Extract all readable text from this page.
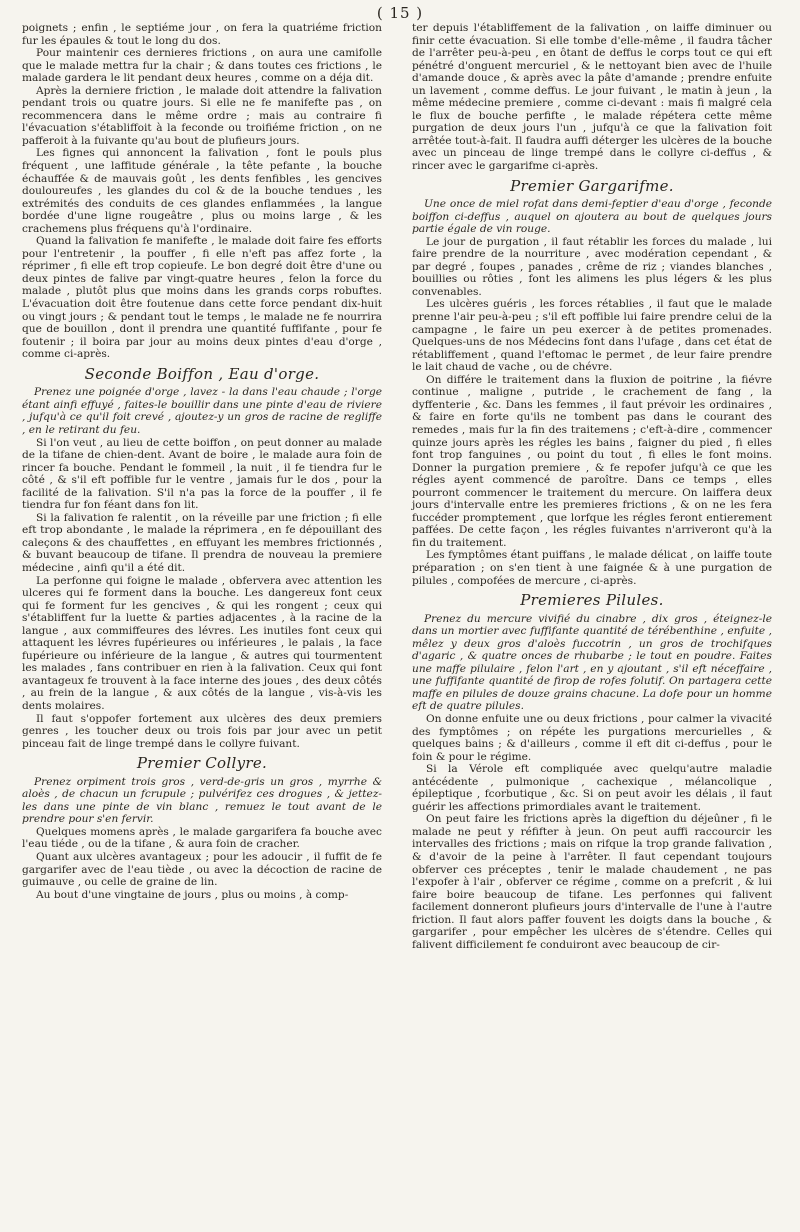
( 15 )

poignets ; enfin , le septiéme jour , on fera la quatriéme friction fur les épaules & tout le long du dos.

Pour maintenir ces dernieres frictions , on aura une camifolle que le malade mettra fur la chair ; & dans toutes ces frictions , le malade gardera le lit pendant deux heures , comme on a déja dit.

Après la derniere friction , le malade doit attendre la falivation pendant trois ou quatre jours. Si elle ne fe manifefte pas , on recommencera dans le même ordre ; mais au contraire fi l'évacuation s'établiffoit à la feconde ou troifiéme friction , on ne pafferoit à la fuivante qu'au bout de plufieurs jours.

Les fignes qui annoncent la falivation , font le pouls plus fréquent , une laffitude générale , la tête pefante , la bouche échauffée & de mauvais goût , les dents fenfibles , les gencives douloureufes , les glandes du col & de la bouche tendues , les extrémités des conduits de ces glandes enflammées , la langue bordée d'une ligne rougeâtre , plus ou moins large , & les crachemens plus fréquens qu'à l'ordinaire.

Quand la falivation fe manifefte , le malade doit faire fes efforts pour l'entretenir , la pouffer , fi elle n'eft pas affez forte , la réprimer , fi elle eft trop copieufe. Le bon degré doit être d'une ou deux pintes de falive par vingt-quatre heures , felon la force du malade , plutôt plus que moins dans les grands corps robuftes. L'évacuation doit être foutenue dans cette force pendant dix-huit ou vingt jours ; & pendant tout le temps , le malade ne fe nourrira que de bouillon , dont il prendra une quantité fuffifante , pour fe foutenir ; il boira par jour au moins deux pintes d'eau d'orge , comme ci-après.

Seconde Boiffon , Eau d'orge.

Prenez une poignée d'orge , lavez - la dans l'eau chaude ; l'orge étant ainfi effuyé , faites-le bouillir dans une pinte d'eau de riviere , jufqu'à ce qu'il foit crevé , ajoutez-y un gros de racine de regliffe , en le retirant du feu.

Si l'on veut , au lieu de cette boiffon , on peut donner au malade de la tifane de chien-dent. Avant de boire , le malade aura foin de rincer fa bouche. Pendant le fommeil , la nuit , il fe tiendra fur le côté , & s'il eft poffible fur le ventre , jamais fur le dos , pour la facilité de la falivation. S'il n'a pas la force de la pouffer , il fe tiendra fur fon féant dans fon lit.

Si la falivation fe ralentit , on la réveille par une friction ; fi elle eft trop abondante , le malade la réprimera , en fe dépouillant des caleçons & des chauffettes , en effuyant les membres frictionnés , & buvant beaucoup de tifane. Il prendra de nouveau la premiere médecine , ainfi qu'il a été dit.

La perfonne qui foigne le malade , obfervera avec attention les ulceres qui fe forment dans la bouche. Les dangereux font ceux qui fe forment fur les gencives , & qui les rongent ; ceux qui s'établiffent fur la luette & parties adjacentes , à la racine de la langue , aux commiffeures des lévres. Les inutiles font ceux qui attaquent les lévres fupérieures ou inférieures , le palais , la face fupérieure ou inférieure de la langue , & autres qui tourmentent les malades , fans contribuer en rien à la falivation. Ceux qui font avantageux fe trouvent à la face interne des joues , des deux côtés , au frein de la langue , & aux côtés de la langue , vis-à-vis les dents molaires.

Il faut s'oppofer fortement aux ulcères des deux premiers genres , les toucher deux ou trois fois par jour avec un petit pinceau fait de linge trempé dans le collyre fuivant.

Premier Collyre.

Prenez orpiment trois gros , verd-de-gris un gros , myrrhe & aloès , de chacun un fcrupule ; pulvérifez ces drogues , & jettez-les dans une pinte de vin blanc , remuez le tout avant de le prendre pour s'en fervir.

Quelques momens après , le malade gargarifera fa bouche avec l'eau tiéde , ou de la tifane , & aura foin de cracher.

Quant aux ulcères avantageux ; pour les adoucir , il fuffit de fe gargarifer avec de l'eau tiède , ou avec la décoction de racine de guimauve , ou celle de graine de lin.

Au bout d'une vingtaine de jours , plus ou moins , à comp-

ter depuis l'établiffement de la falivation , on laiffe diminuer ou finir cette évacuation. Si elle tombe d'elle-même , il faudra tâcher de l'arrêter peu-à-peu , en ôtant de deffus le corps tout ce qui eft pénétré d'onguent mercuriel , & le nettoyant bien avec de l'huile d'amande douce , & après avec la pâte d'amande ; prendre enfuite un lavement , comme deffus. Le jour fuivant , le matin à jeun , la même médecine premiere , comme ci-devant : mais fi malgré cela le flux de bouche perfifte , le malade répétera cette même purgation de deux jours l'un , jufqu'à ce que la falivation foit arrêtée tout-à-fait. Il faudra auffi déterger les ulcères de la bouche avec un pinceau de linge trempé dans le collyre ci-deffus , & rincer avec le gargarifme ci-après.

Premier Gargarifme.

Une once de miel rofat dans demi-feptier d'eau d'orge , feconde boiffon ci-deffus , auquel on ajoutera au bout de quelques jours partie égale de vin rouge.

Le jour de purgation , il faut rétablir les forces du malade , lui faire prendre de la nourriture , avec modération cependant , & par degré , foupes , panades , crême de riz ; viandes blanches , bouillies ou rôties , font les alimens les plus légers & les plus convenables.

Les ulcères guéris , les forces rétablies , il faut que le malade prenne l'air peu-à-peu ; s'il eft poffible lui faire prendre celui de la campagne , le faire un peu exercer à de petites promenades. Quelques-uns de nos Médecins font dans l'ufage , dans cet état de rétabliffement , quand l'eftomac le permet , de leur faire prendre le lait chaud de vache , ou de chévre.

On différe le traitement dans la fluxion de poitrine , la fiévre continue , maligne , putride , le crachement de fang , la dyffenterie , &c. Dans les femmes , il faut prévoir les ordinaires , & faire en forte qu'ils ne tombent pas dans le courant des remedes , mais fur la fin des traitemens ; c'eft-à-dire , commencer quinze jours après les régles les bains , faigner du pied , fi elles font trop fanguines , ou point du tout , fi elles le font moins. Donner la purgation premiere , & fe repofer jufqu'à ce que les régles ayent commencé de paroître. Dans ce temps , elles pourront commencer le traitement du mercure. On laiffera deux jours d'intervalle entre les premieres frictions , & on ne les fera fuccéder promptement , que lorfque les régles feront entierement paffées. De cette façon , les régles fuivantes n'arriveront qu'à la fin du traitement.

Les fymptômes étant puiffans , le malade délicat , on laiffe toute préparation ; on s'en tient à une faignée & à une purgation de pilules , compofées de mercure , ci-après.

Premieres Pilules.

Prenez du mercure vivifié du cinabre , dix gros , éteignez-le dans un mortier avec fuffifante quantité de térébenthine , enfuite , mêlez y deux gros d'aloès fuccotrin , un gros de trochifques d'agaric , & quatre onces de rhubarbe ; le tout en poudre. Faites une maffe pilulaire , felon l'art , en y ajoutant , s'il eft néceffaire , une fuffifante quantité de firop de rofes folutif. On partagera cette maffe en pilules de douze grains chacune. La dofe pour un homme eft de quatre pilules.

On donne enfuite une ou deux frictions , pour calmer la vivacité des fymptômes ; on répéte les purgations mercurielles , & quelques bains ; & d'ailleurs , comme il eft dit ci-deffus , pour le foin & pour le régime.

Si la Vérole eft compliquée avec quelqu'autre maladie antécédente , pulmonique , cachexique , mélancolique , épileptique , fcorbutique , &c. Si on peut avoir les délais , il faut guérir les affections primordiales avant le traitement.

On peut faire les frictions après la digeftion du déjeûner , fi le malade ne peut y réfifter à jeun. On peut auffi raccourcir les intervalles des frictions ; mais on rifque la trop grande falivation , & d'avoir de la peine à l'arrêter. Il faut cependant toujours obferver ces préceptes , tenir le malade chaudement , ne pas l'expofer à l'air , obferver ce régime , comme on a prefcrit , & lui faire boire beaucoup de tifane. Les perfonnes qui falivent facilement donneront plufieurs jours d'intervalle de l'une à l'autre friction. Il faut alors paffer fouvent les doigts dans la bouche , & gargarifer , pour empêcher les ulcères de s'étendre. Celles qui falivent difficilement fe conduiront avec beaucoup de cir-
